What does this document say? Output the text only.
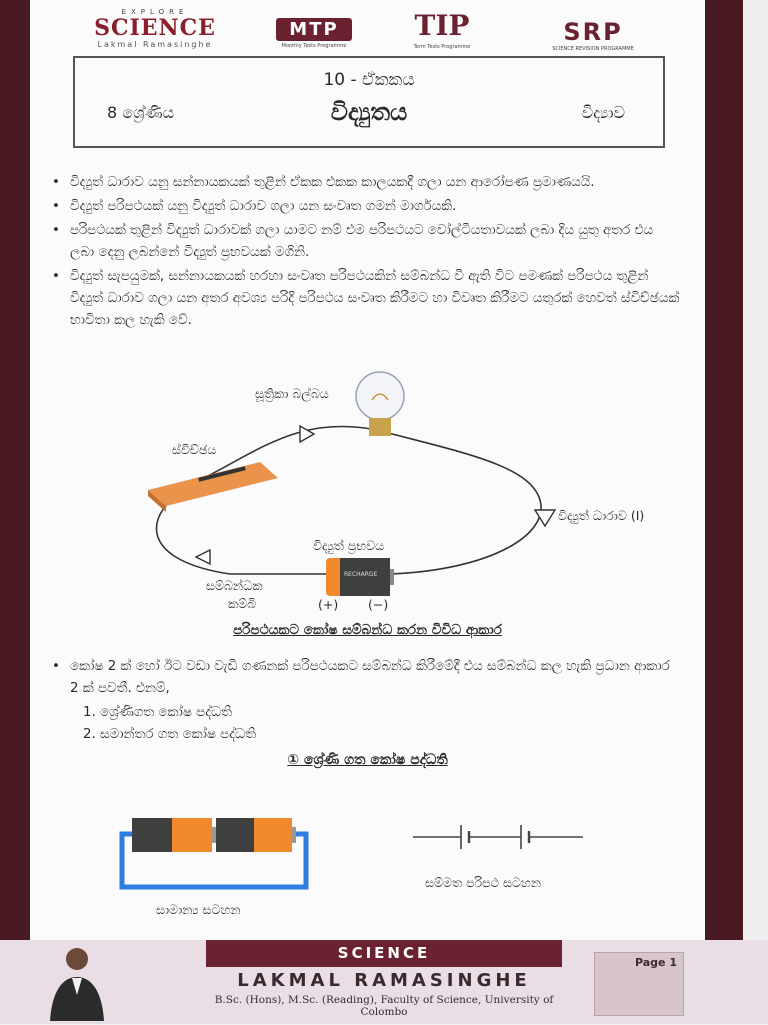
EXPLORE
SCIENCE
Lakmal Ramasinghe
MTP
Monthly Tests Programme
TIP
Term Tests Programme
SRP
SCIENCE REVISION PROGRAMME
10 - ඒකකය
8 ශ්‍රේණිය	විද්‍යුතය	විද්‍යාව
• විද්‍යුත් ධාරාව යනු සන්නායකයක් තුළින් ඒකක එකක කාලයකදී ගලා යන ආරෝපණ ප්‍රමාණයයි.
• විද්‍යුත් පරිපථයක් යනු විද්‍යුත් ධාරාව ගලා යන සංවෘත ගමන් මාර්ගයකි.
• පරිපථයක් තුළින් විද්‍යුත් ධාරාවක් ගලා යාමට නම් එම පරිපථයට වෝල්ටීයතාවයක් ලබා දිය යුතු අතර එය ලබා දෙනු ලබන්නේ විද්‍යුත් ප්‍රභවයක් මගිනි.
• විද්‍යුත් සැපයුමක්, සන්නායකයක් හරහා සංවෘත පරිපථයකින් සම්බන්ධ වී ඇති විට පමණක් පරිපථය තුළින් විද්‍යුත් ධාරාව ගලා යන අතර අවශ්‍ය පරිදි පරිපථය සංවෘත කිරීමට හා විවෘත කිරීමට යතුරක් හෙවත් ස්විච්ඡයක් භාවිතා කල හැකි වේ.
සූත්‍රිකා බල්බය
ස්විච්ඡය
විද්‍යුත් ධාරාව (I)
විද්‍යුත් ප්‍රභවය
සම්බන්ධක
කම්බි	(+) (−)
RECHARGE
පරිපථයකට කෝෂ සම්බන්ධ කරන විවිධ ආකාර
• කෝෂ 2 ක් හෝ ඊට වඩා වැඩි ගණනක් පරිපථයකට සම්බන්ධ කිරීමේදී එය සම්බන්ධ කල හැකි ප්‍රධාන ආකාර 2 ක් පවතී. එනම්,
1. ශ්‍රේණිගත කෝෂ පද්ධති
2. සමාන්තර ගත කෝෂ පද්ධති
① ශ්‍රේණි ගත කෝෂ පද්ධති
සාමාන්‍ය සටහන
සම්මත පරිපථ සටහන
SCIENCE
LAKMAL RAMASINGHE
B.Sc. (Hons), M.Sc. (Reading), Faculty of Science, University of Colombo
Page 1
